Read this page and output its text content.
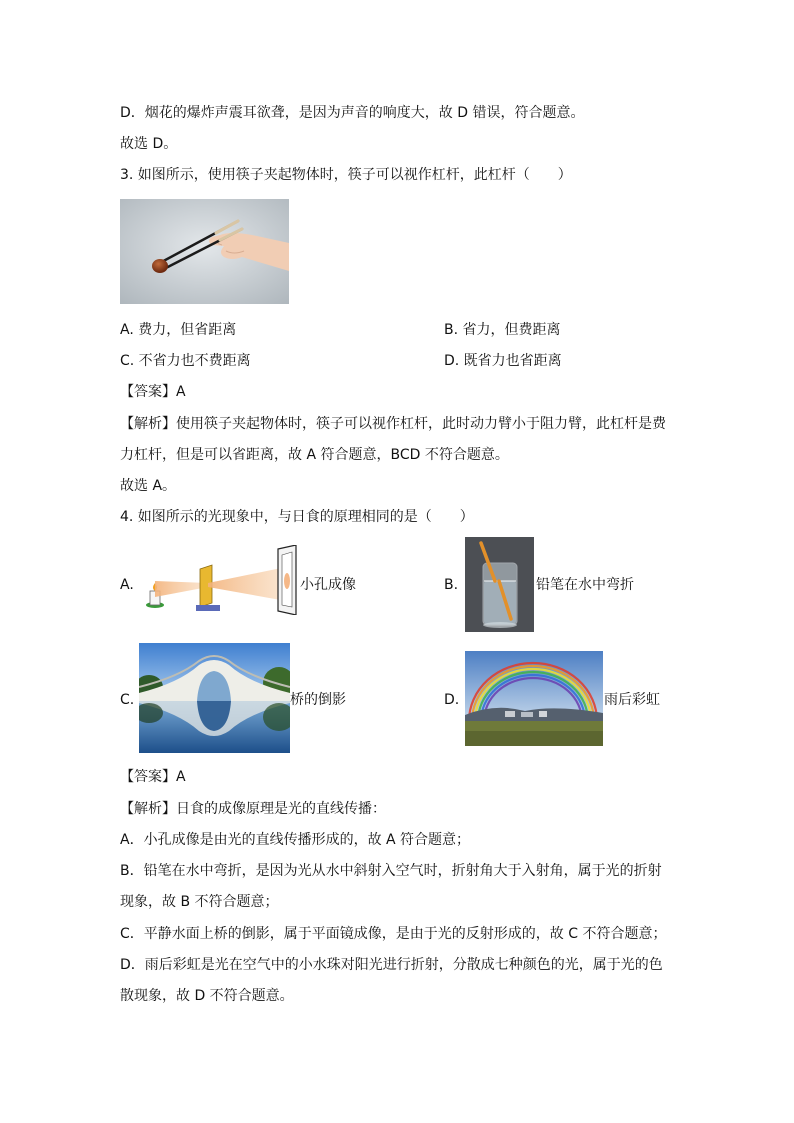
D．烟花的爆炸声震耳欲聋，是因为声音的响度大，故 D 错误，符合题意。
故选 D。
3. 如图所示，使用筷子夹起物体时，筷子可以视作杠杆，此杠杆（　　）
A. 费力，但省距离	B. 省力，但费距离
C. 不省力也不费距离	D. 既省力也省距离
【答案】A
【解析】使用筷子夹起物体时，筷子可以视作杠杆，此时动力臂小于阻力臂，此杠杆是费
力杠杆，但是可以省距离，故 A 符合题意，BCD 不符合题意。
故选 A。
4. 如图所示的光现象中，与日食的原理相同的是（　　）
A.	小孔成像	B.	铅笔在水中弯折
C.	桥的倒影	D.	雨后彩虹
【答案】A
【解析】日食的成像原理是光的直线传播：
A．小孔成像是由光的直线传播形成的，故 A 符合题意；
B．铅笔在水中弯折，是因为光从水中斜射入空气时，折射角大于入射角，属于光的折射
现象，故 B 不符合题意；
C．平静水面上桥的倒影，属于平面镜成像，是由于光的反射形成的，故 C 不符合题意；
D．雨后彩虹是光在空气中的小水珠对阳光进行折射，分散成七种颜色的光，属于光的色
散现象，故 D 不符合题意。
